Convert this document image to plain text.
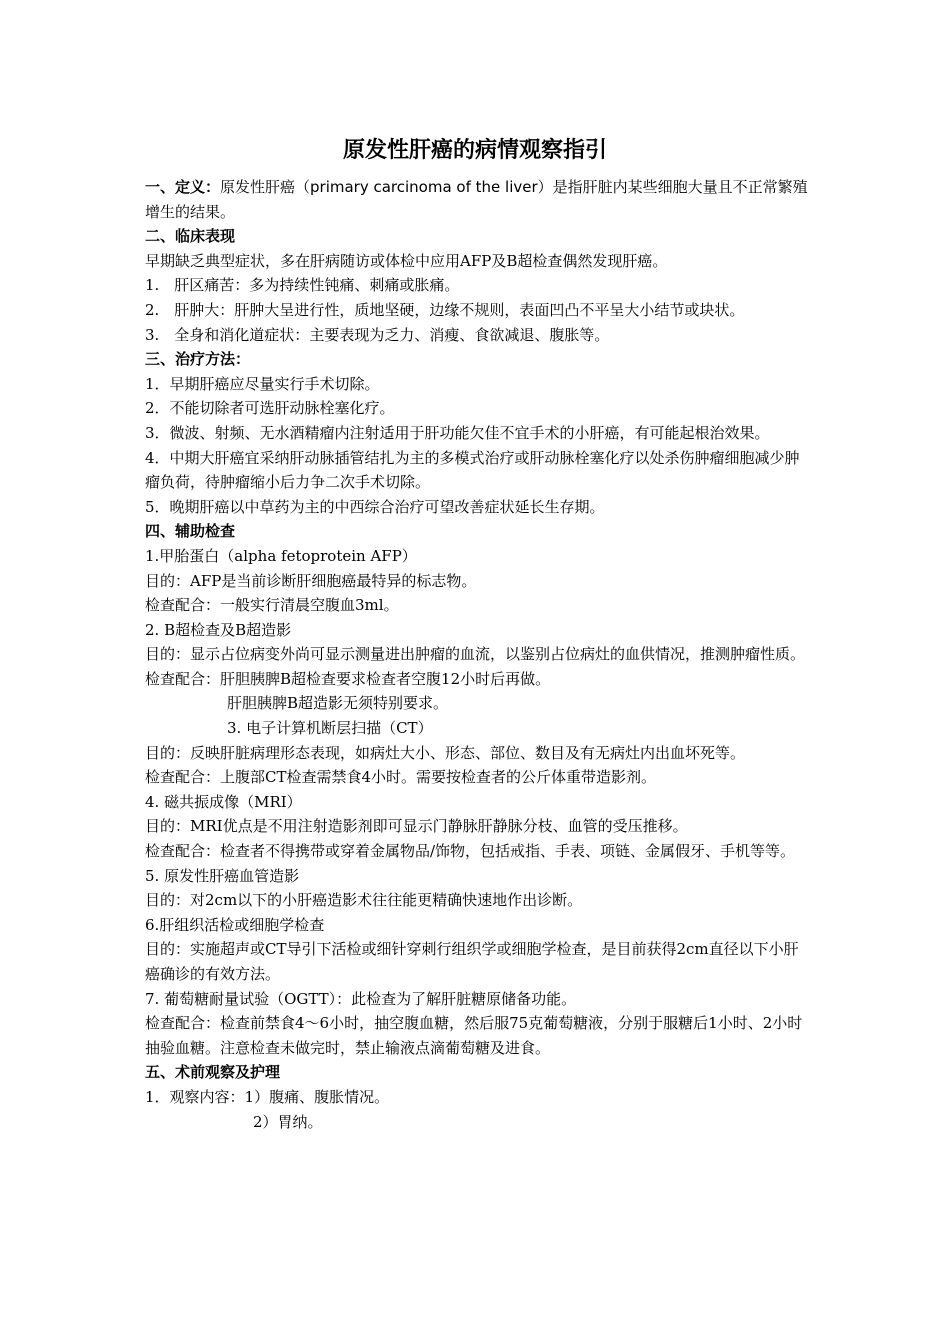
原发性肝癌的病情观察指引

一、定义：原发性肝癌（primary carcinoma of the liver）是指肝脏内某些细胞大量且不正常繁殖增生的结果。

二、临床表现

早期缺乏典型症状，多在肝病随访或体检中应用AFP及B超检查偶然发现肝癌。

1.　肝区痛苦：多为持续性钝痛、刺痛或胀痛。

2.　肝肿大：肝肿大呈进行性，质地坚硬，边缘不规则，表面凹凸不平呈大小结节或块状。

3.　全身和消化道症状：主要表现为乏力、消瘦、食欲减退、腹胀等。

三、治疗方法：

1．早期肝癌应尽量实行手术切除。

2．不能切除者可选肝动脉栓塞化疗。

3．微波、射频、无水酒精瘤内注射适用于肝功能欠佳不宜手术的小肝癌，有可能起根治效果。

4．中期大肝癌宜采纳肝动脉插管结扎为主的多模式治疗或肝动脉栓塞化疗以处杀伤肿瘤细胞减少肿瘤负荷，待肿瘤缩小后力争二次手术切除。

5．晚期肝癌以中草药为主的中西综合治疗可望改善症状延长生存期。

四、辅助检查

1.甲胎蛋白（alpha fetoprotein AFP）

目的：AFP是当前诊断肝细胞癌最特异的标志物。

检查配合：一般实行清晨空腹血3ml。

2. B超检查及B超造影

目的：显示占位病变外尚可显示测量进出肿瘤的血流，以鉴别占位病灶的血供情况，推测肿瘤性质。

检查配合：肝胆胰脾B超检查要求检查者空腹12小时后再做。

肝胆胰脾B超造影无须特别要求。

3. 电子计算机断层扫描（CT）

目的：反映肝脏病理形态表现，如病灶大小、形态、部位、数目及有无病灶内出血坏死等。

检查配合：上腹部CT检查需禁食4小时。需要按检查者的公斤体重带造影剂。

4. 磁共振成像（MRI）

目的：MRI优点是不用注射造影剂即可显示门静脉肝静脉分枝、血管的受压推移。

检查配合：检查者不得携带或穿着金属物品/饰物，包括戒指、手表、项链、金属假牙、手机等等。

5. 原发性肝癌血管造影

目的：对2cm以下的小肝癌造影术往往能更精确快速地作出诊断。

6.肝组织活检或细胞学检查

目的：实施超声或CT导引下活检或细针穿刺行组织学或细胞学检查，是目前获得2cm直径以下小肝癌确诊的有效方法。

7. 葡萄糖耐量试验（OGTT）：此检查为了解肝脏糖原储备功能。

检查配合：检查前禁食4～6小时，抽空腹血糖，然后服75克葡萄糖液，分别于服糖后1小时、2小时抽验血糖。注意检查未做完时，禁止输液点滴葡萄糖及进食。

五、术前观察及护理

1．观察内容：1）腹痛、腹胀情况。

2）胃纳。
